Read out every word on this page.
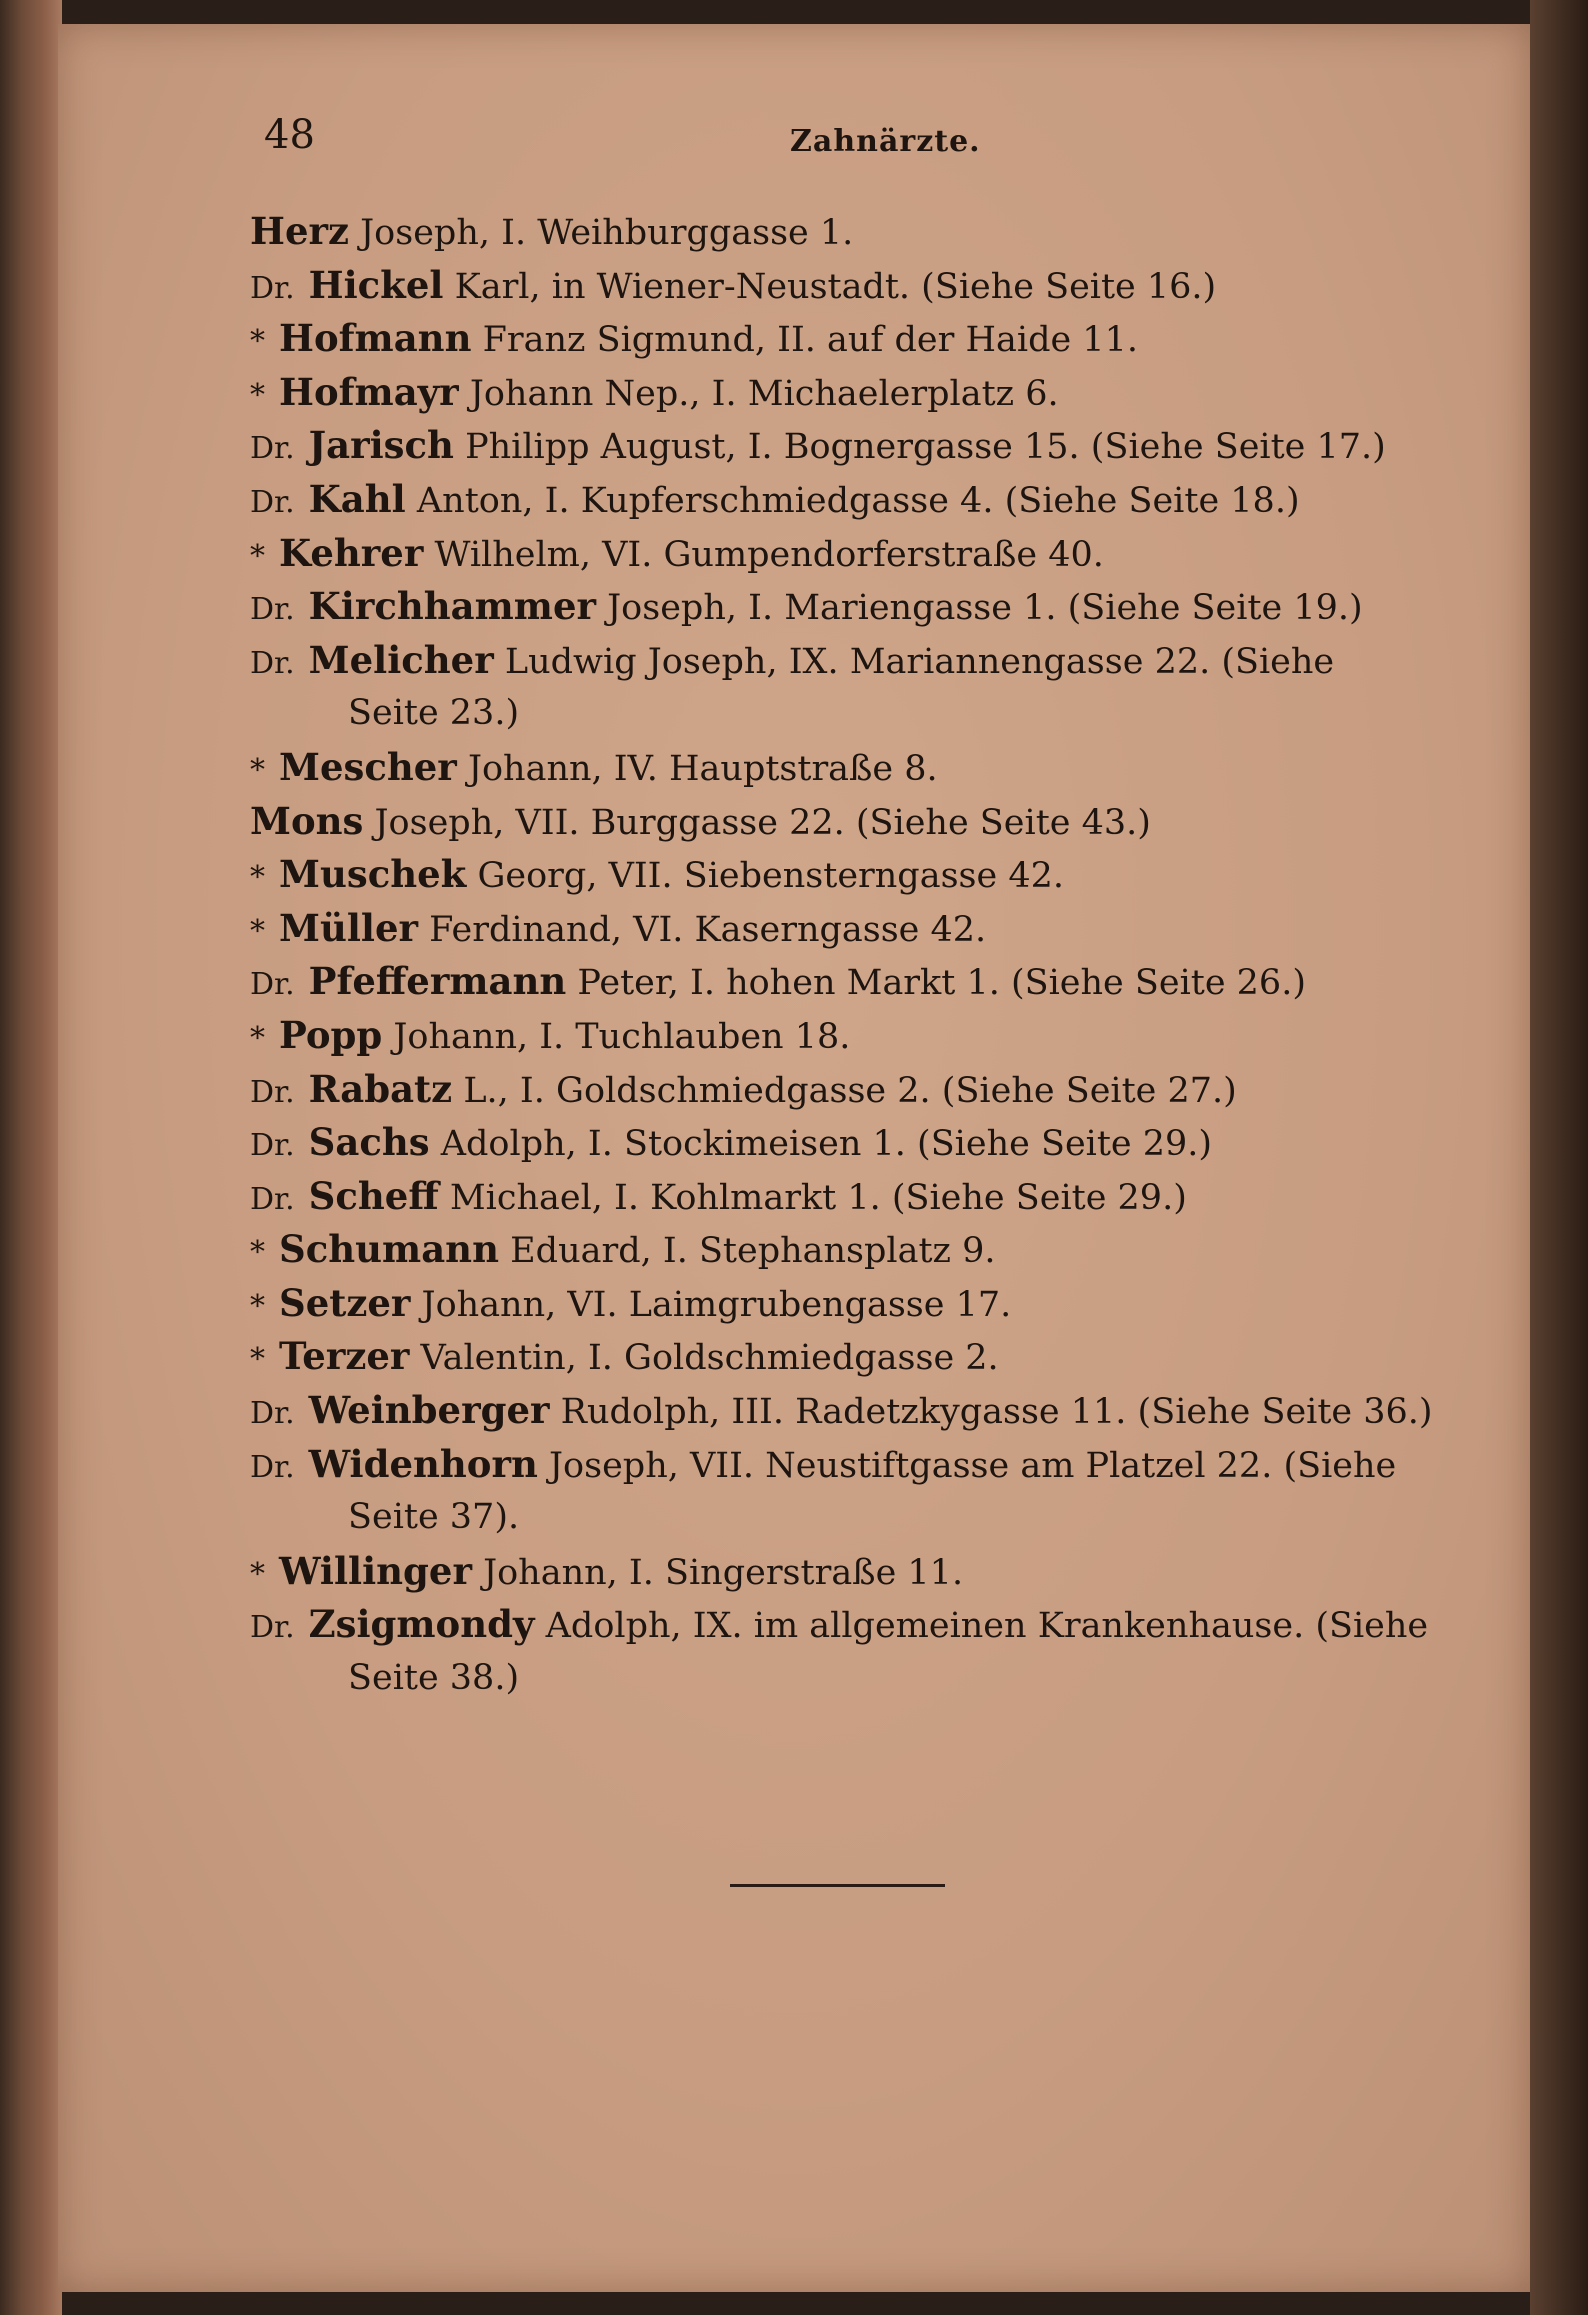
48	Zahnärzte.
Herz Joseph, I. Weihburggasse 1.
Dr. Hickel Karl, in Wiener-Neustadt. (Siehe Seite 16.)
* Hofmann Franz Sigmund, II. auf der Haide 11.
* Hofmayr Johann Nep., I. Michaelerplatz 6.
Dr. Jarisch Philipp August, I. Bognergasse 15. (Siehe Seite 17.)
Dr. Kahl Anton, I. Kupferschmiedgasse 4. (Siehe Seite 18.)
* Kehrer Wilhelm, VI. Gumpendorferstraße 40.
Dr. Kirchhammer Joseph, I. Mariengasse 1. (Siehe Seite 19.)
Dr. Melicher Ludwig Joseph, IX. Mariannengasse 22. (Siehe
Seite 23.)
* Mescher Johann, IV. Hauptstraße 8.
Mons Joseph, VII. Burggasse 22. (Siehe Seite 43.)
* Muschek Georg, VII. Siebensterngasse 42.
* Müller Ferdinand, VI. Kaserngasse 42.
Dr. Pfeffermann Peter, I. hohen Markt 1. (Siehe Seite 26.)
* Popp Johann, I. Tuchlauben 18.
Dr. Rabatz L., I. Goldschmiedgasse 2. (Siehe Seite 27.)
Dr. Sachs Adolph, I. Stockimeisen 1. (Siehe Seite 29.)
Dr. Scheff Michael, I. Kohlmarkt 1. (Siehe Seite 29.)
* Schumann Eduard, I. Stephansplatz 9.
* Setzer Johann, VI. Laimgrubengasse 17.
* Terzer Valentin, I. Goldschmiedgasse 2.
Dr. Weinberger Rudolph, III. Radetzkygasse 11. (Siehe Seite 36.)
Dr. Widenhorn Joseph, VII. Neustiftgasse am Platzel 22. (Siehe
Seite 37).
* Willinger Johann, I. Singerstraße 11.
Dr. Zsigmondy Adolph, IX. im allgemeinen Krankenhause. (Siehe
Seite 38.)
